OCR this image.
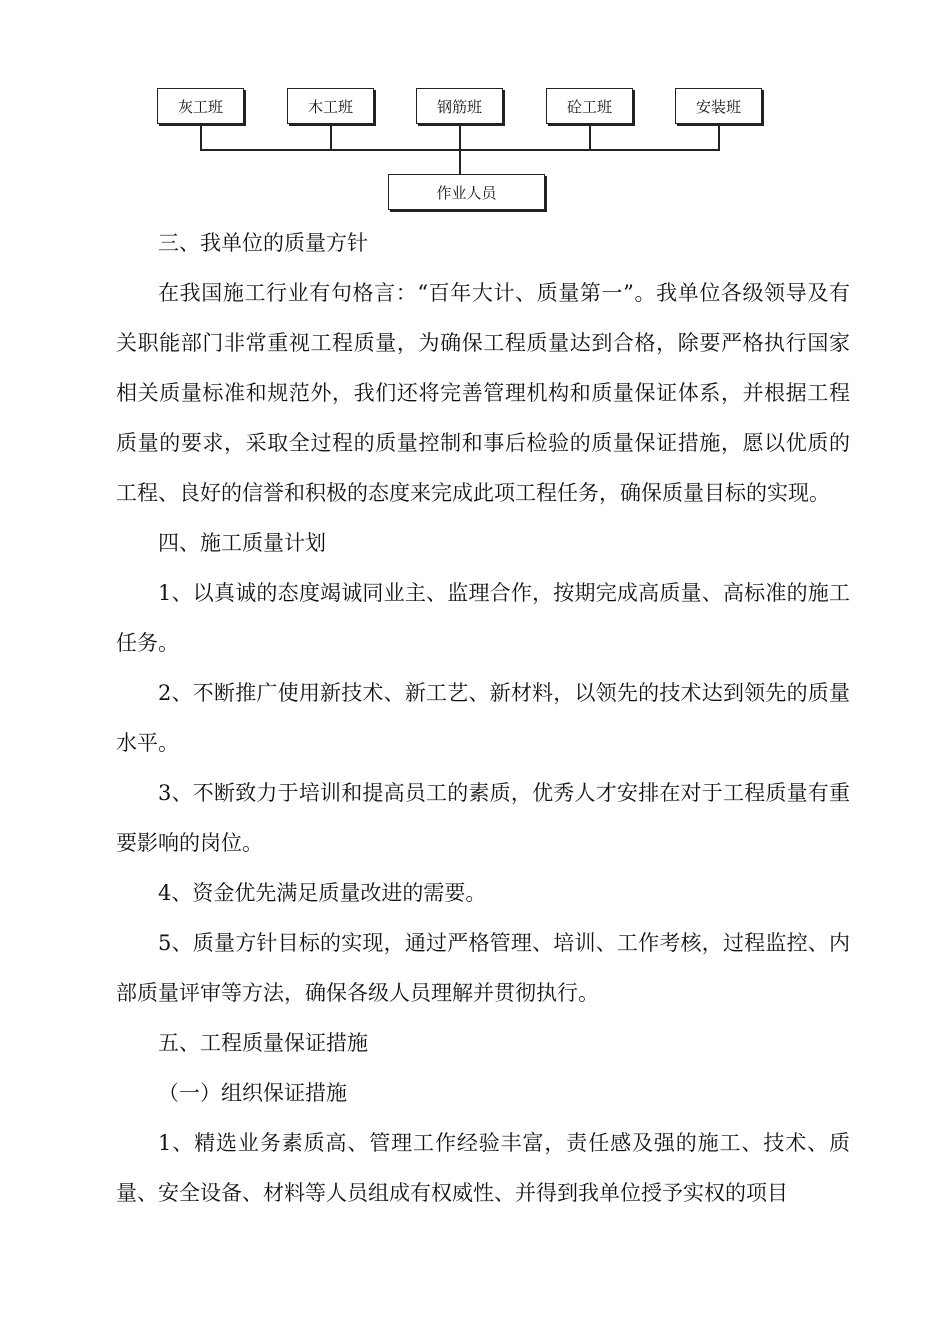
灰工班	木工班	钢筋班	砼工班	安装班
作业人员

三、我单位的质量方针

在我国施工行业有句格言：“百年大计、质量第一”。我单位各级领导及有关职能部门非常重视工程质量，为确保工程质量达到合格，除要严格执行国家相关质量标准和规范外，我们还将完善管理机构和质量保证体系，并根据工程质量的要求，采取全过程的质量控制和事后检验的质量保证措施，愿以优质的工程、良好的信誉和积极的态度来完成此项工程任务，确保质量目标的实现。

四、施工质量计划

1、以真诚的态度竭诚同业主、监理合作，按期完成高质量、高标准的施工任务。

2、不断推广使用新技术、新工艺、新材料，以领先的技术达到领先的质量水平。

3、不断致力于培训和提高员工的素质，优秀人才安排在对于工程质量有重要影响的岗位。

4、资金优先满足质量改进的需要。

5、质量方针目标的实现，通过严格管理、培训、工作考核，过程监控、内部质量评审等方法，确保各级人员理解并贯彻执行。

五、工程质量保证措施

（一）组织保证措施

1、精选业务素质高、管理工作经验丰富，责任感及强的施工、技术、质量、安全设备、材料等人员组成有权威性、并得到我单位授予实权的项目
